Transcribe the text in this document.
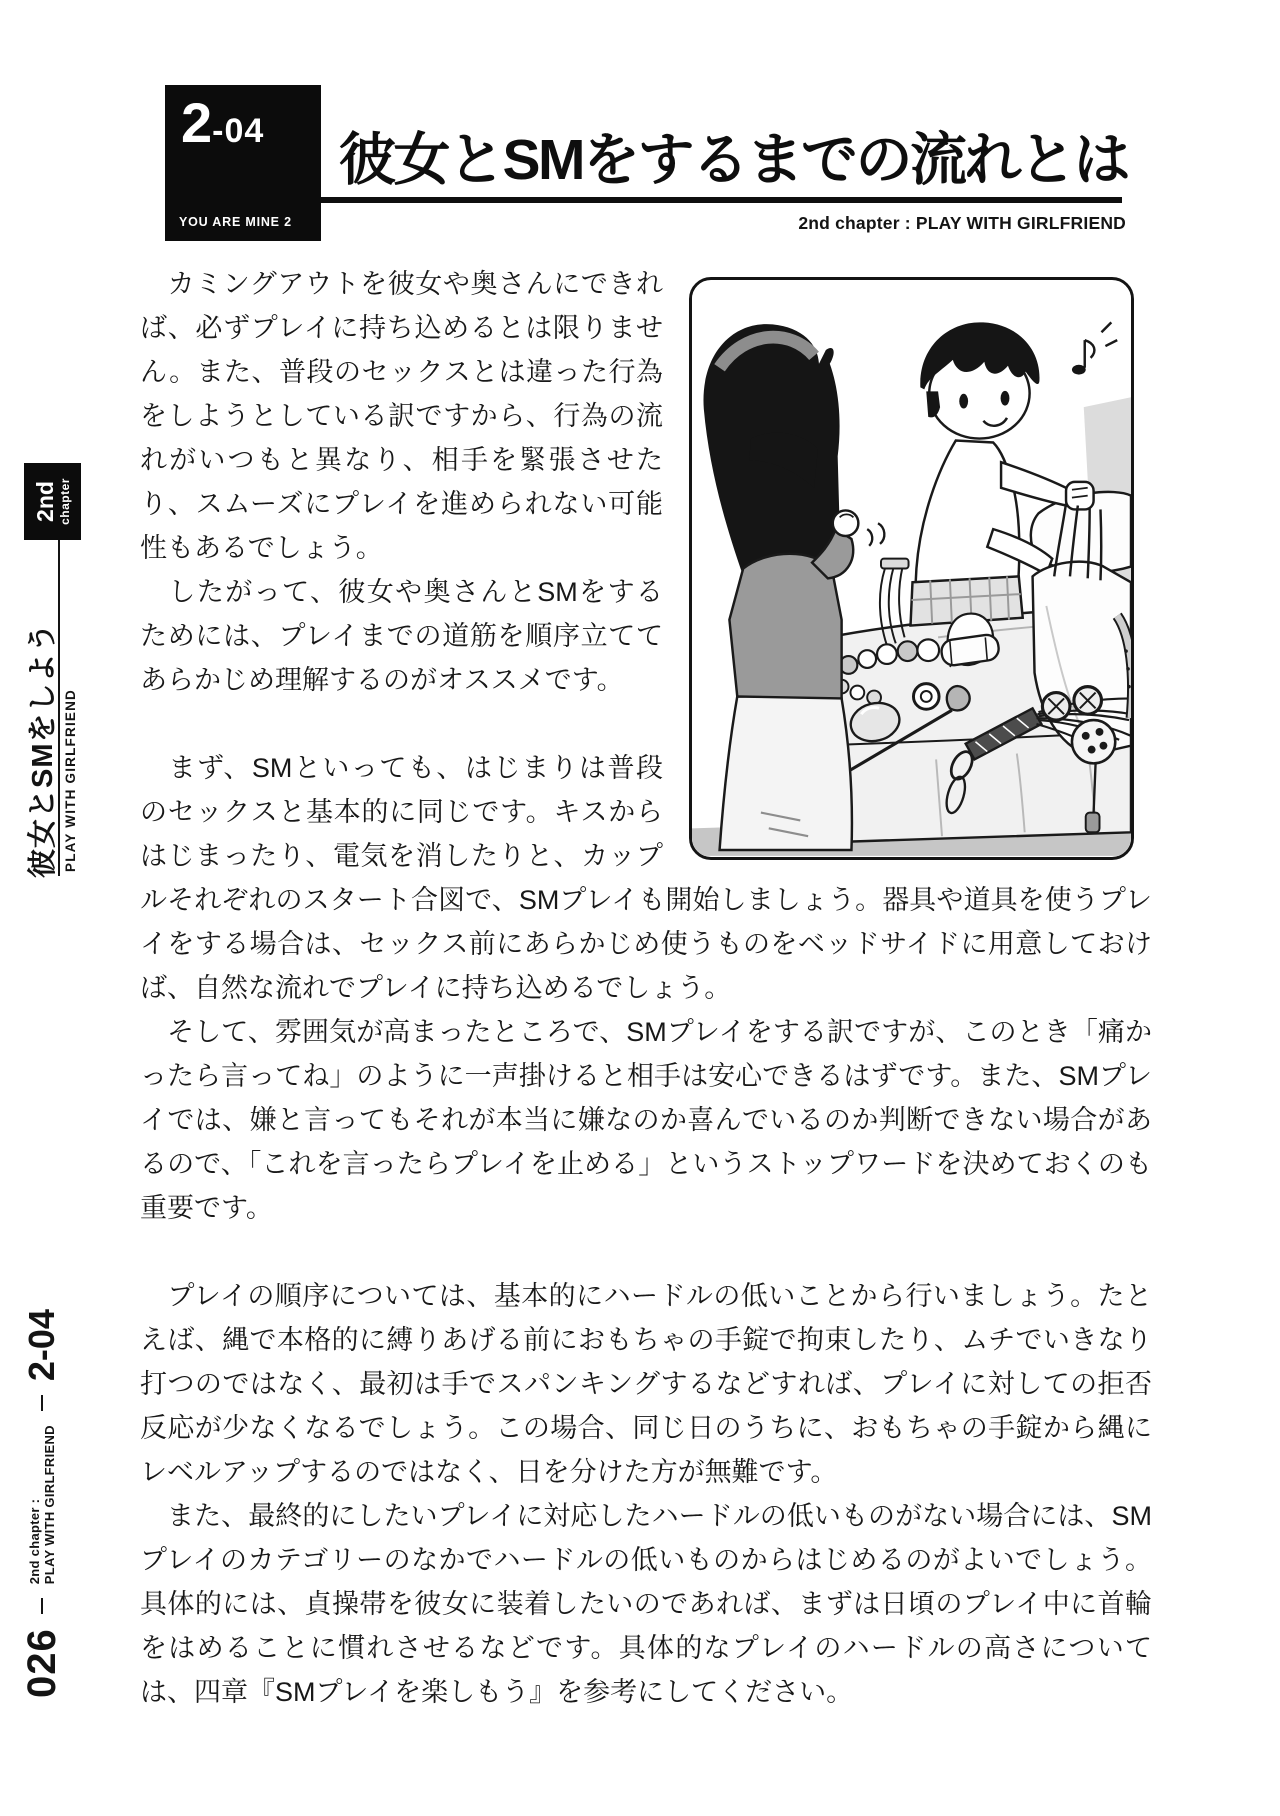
2-04
YOU ARE MINE 2
彼女とSMをするまでの流れとは
2nd chapter : PLAY WITH GIRLFRIEND
2nd chapter
彼女とSMをしよう PLAY WITH GIRLFRIEND
026
2nd chapter : PLAY WITH GIRLFRIEND
2-04

　カミングアウトを彼女や奥さんにできれば、必ずプレイに持ち込めるとは限りません。また、普段のセックスとは違った行為をしようとしている訳ですから、行為の流れがいつもと異なり、相手を緊張させたり、スムーズにプレイを進められない可能性もあるでしょう。

　したがって、彼女や奥さんとSMをするためには、プレイまでの道筋を順序立ててあらかじめ理解するのがオススメです。

　まず、SMといっても、はじまりは普段のセックスと基本的に同じです。キスからはじまったり、電気を消したりと、カップルそれぞれのスタート合図で、SMプレイも開始しましょう。器具や道具を使うプレイをする場合は、セックス前にあらかじめ使うものをベッドサイドに用意しておけば、自然な流れでプレイに持ち込めるでしょう。

　そして、雰囲気が高まったところで、SMプレイをする訳ですが、このとき「痛かったら言ってね」のように一声掛けると相手は安心できるはずです。また、SMプレイでは、嫌と言ってもそれが本当に嫌なのか喜んでいるのか判断できない場合があるので、「これを言ったらプレイを止める」というストップワードを決めておくのも重要です。

　プレイの順序については、基本的にハードルの低いことから行いましょう。たとえば、縄で本格的に縛りあげる前におもちゃの手錠で拘束したり、ムチでいきなり打つのではなく、最初は手でスパンキングするなどすれば、プレイに対しての拒否反応が少なくなるでしょう。この場合、同じ日のうちに、おもちゃの手錠から縄にレベルアップするのではなく、日を分けた方が無難です。

　また、最終的にしたいプレイに対応したハードルの低いものがない場合には、SMプレイのカテゴリーのなかでハードルの低いものからはじめるのがよいでしょう。具体的には、貞操帯を彼女に装着したいのであれば、まずは日頃のプレイ中に首輪をはめることに慣れさせるなどです。具体的なプレイのハードルの高さについては、四章『SMプレイを楽しもう』を参考にしてください。
